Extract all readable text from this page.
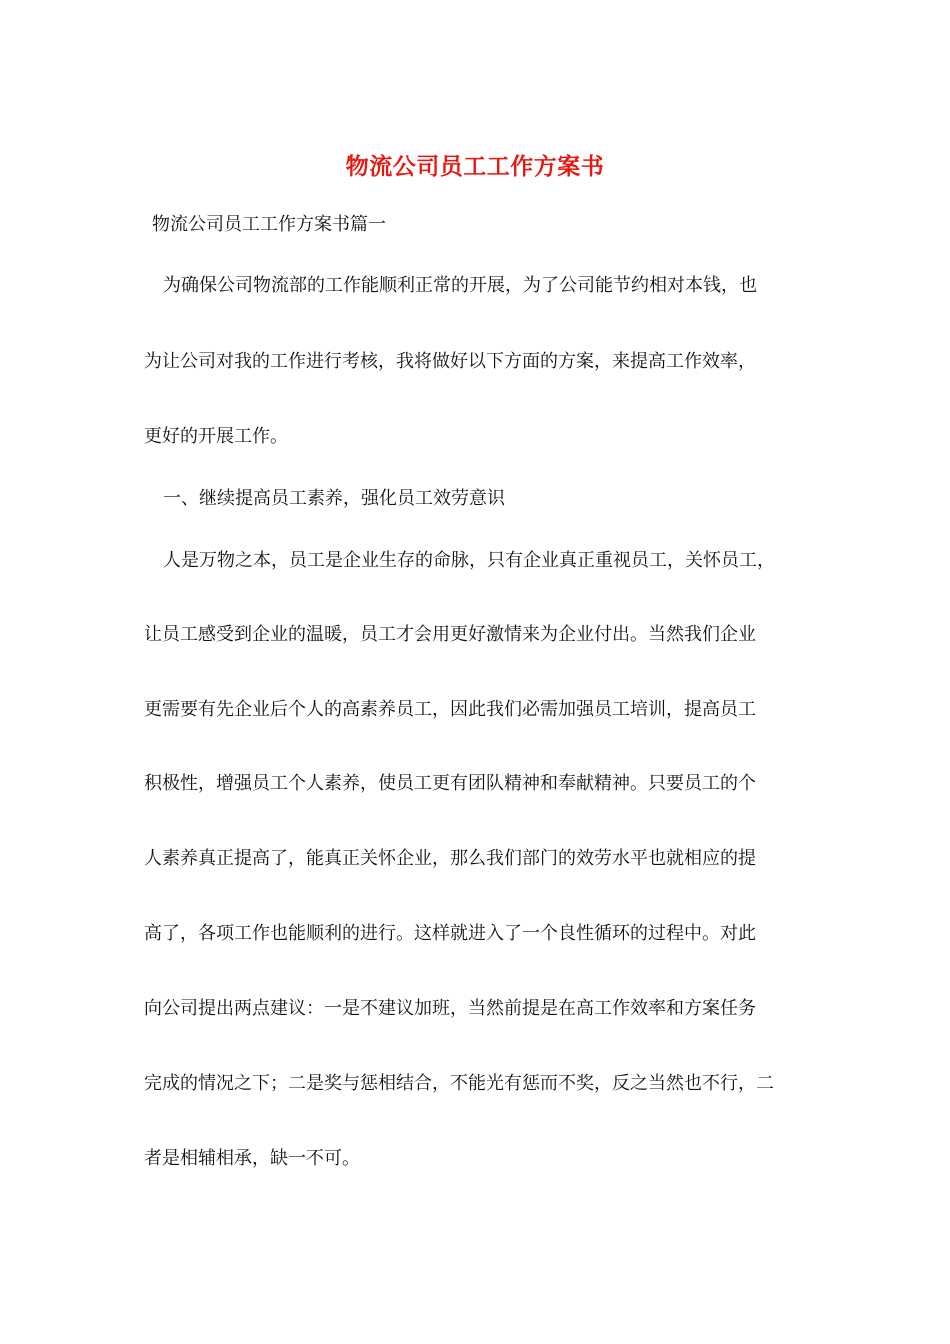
物流公司员工工作方案书
物流公司员工工作方案书篇一
为确保公司物流部的工作能顺利正常的开展，为了公司能节约相对本钱，也
为让公司对我的工作进行考核，我将做好以下方面的方案，来提高工作效率，
更好的开展工作。
一、继续提高员工素养，强化员工效劳意识
人是万物之本，员工是企业生存的命脉，只有企业真正重视员工，关怀员工，
让员工感受到企业的温暖，员工才会用更好激情来为企业付出。当然我们企业
更需要有先企业后个人的高素养员工，因此我们必需加强员工培训，提高员工
积极性，增强员工个人素养，使员工更有团队精神和奉献精神。只要员工的个
人素养真正提高了，能真正关怀企业，那么我们部门的效劳水平也就相应的提
高了，各项工作也能顺利的进行。这样就进入了一个良性循环的过程中。对此
向公司提出两点建议：一是不建议加班，当然前提是在高工作效率和方案任务
完成的情况之下；二是奖与惩相结合，不能光有惩而不奖，反之当然也不行，二
者是相辅相承，缺一不可。
